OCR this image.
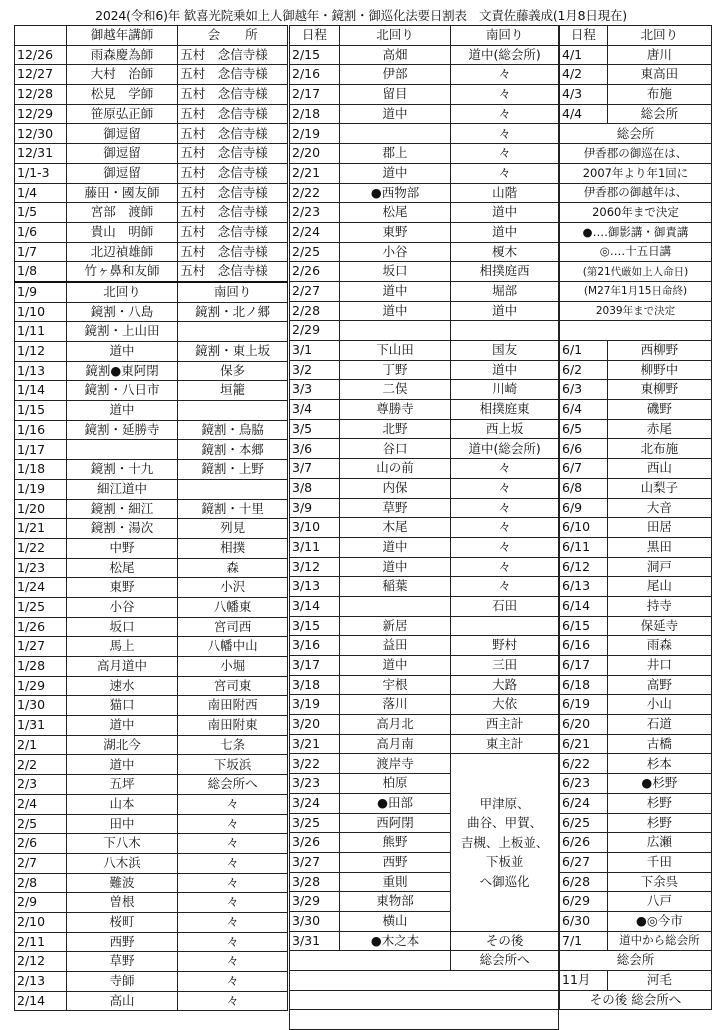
2024(令和6)年 歓喜光院乗如上人御越年・鏡割・御巡化法要日割表　文責佐藤義成(1月8日現在)
	御越年講師	会　　所
12/26	雨森慶為師	五村　念信寺様
12/27	大村　治師	五村　念信寺様
12/28	松見　学師	五村　念信寺様
12/29	笹原弘正師	五村　念信寺様
12/30	御逗留	五村　念信寺様
12/31	御逗留	五村　念信寺様
1/1-3	御逗留	五村　念信寺様
1/4	藤田・國友師	五村　念信寺様
1/5	宮部　渡師	五村　念信寺様
1/6	貴山　明師	五村　念信寺様
1/7	北辺禎雄師	五村　念信寺様
1/8	竹ヶ鼻和友師	五村　念信寺様
1/9	北回り	南回り
1/10	鏡割・八島	鏡割・北ノ郷
1/11	鏡割・上山田	
1/12	道中	鏡割・東上坂
1/13	鏡割●東阿閉	保多
1/14	鏡割・八日市	垣籠
1/15	道中	
1/16	鏡割・延勝寺	鏡割・鳥脇
1/17		鏡割・本郷
1/18	鏡割・十九	鏡割・上野
1/19	細江道中	
1/20	鏡割・細江	鏡割・十里
1/21	鏡割・湯次	列見
1/22	中野	相撲
1/23	松尾	森
1/24	東野	小沢
1/25	小谷	八幡東
1/26	坂口	宮司西
1/27	馬上	八幡中山
1/28	高月道中	小堀
1/29	速水	宮司東
1/30	猫口	南田附西
1/31	道中	南田附東
2/1	湖北今	七条
2/2	道中	下坂浜
2/3	五坪	総会所へ
2/4	山本	々
2/5	田中	々
2/6	下八木	々
2/7	八木浜	々
2/8	難波	々
2/9	曽根	々
2/10	桜町	々
2/11	西野	々
2/12	草野	々
2/13	寺師	々
2/14	高山	々
日程	北回り	南回り
2/15	高畑	道中(総会所)
2/16	伊部	々
2/17	留目	々
2/18	道中	々
2/19		々
2/20	郡上	々
2/21	道中	々
2/22	●西物部	山階
2/23	松尾	道中
2/24	東野	道中
2/25	小谷	榎木
2/26	坂口	相撲庭西
2/27	道中	堀部
2/28	道中	道中
2/29		
3/1	下山田	国友
3/2	丁野	道中
3/3	二俣	川崎
3/4	尊勝寺	相撲庭東
3/5	北野	西上坂
3/6	谷口	道中(総会所)
3/7	山の前	々
3/8	内保	々
3/9	草野	々
3/10	木尾	々
3/11	道中	々
3/12	道中	々
3/13	稲葉	々
3/14		石田
3/15	新居	
3/16	益田	野村
3/17	道中	三田
3/18	宇根	大路
3/19	落川	大依
3/20	高月北	西主計
3/21	高月南	東主計
3/22	渡岸寺	甲津原、
曲谷、甲賀、
吉槻、上板並、
下板並
へ御巡化
3/23	柏原	
3/24	●田部	
3/25	西阿閉	
3/26	熊野	
3/27	西野	
3/28	重則	
3/29	東物部	
3/30	横山	
3/31	●木之本	その後
		総会所へ

日程	北回り
4/1	唐川
4/2	東高田
4/3	布施
4/4	総会所
総会所	
伊香郡の御巡在は、	
2007年より年1回に	
伊香郡の御越年は、	
2060年まで決定	
●‥‥御影講・御責講	
◎‥‥十五日講	
(第21代厳如上人命日)	
(M27年1月15日命終)	
2039年まで決定	

6/1	西柳野
6/2	柳野中
6/3	東柳野
6/4	磯野
6/5	赤尾
6/6	北布施
6/7	西山
6/8	山梨子
6/9	大音
6/10	田居
6/11	黒田
6/12	洞戸
6/13	尾山
6/14	持寺
6/15	保延寺
6/16	雨森
6/17	井口
6/18	高野
6/19	小山
6/20	石道
6/21	古橋
6/22	杉本
6/23	●杉野
6/24	杉野
6/25	杉野
6/26	広瀬
6/27	千田
6/28	下余呉
6/29	八戸
6/30	●◎今市
7/1	道中から総会所
総会所	
11月	河毛
その後 総会所へ	
